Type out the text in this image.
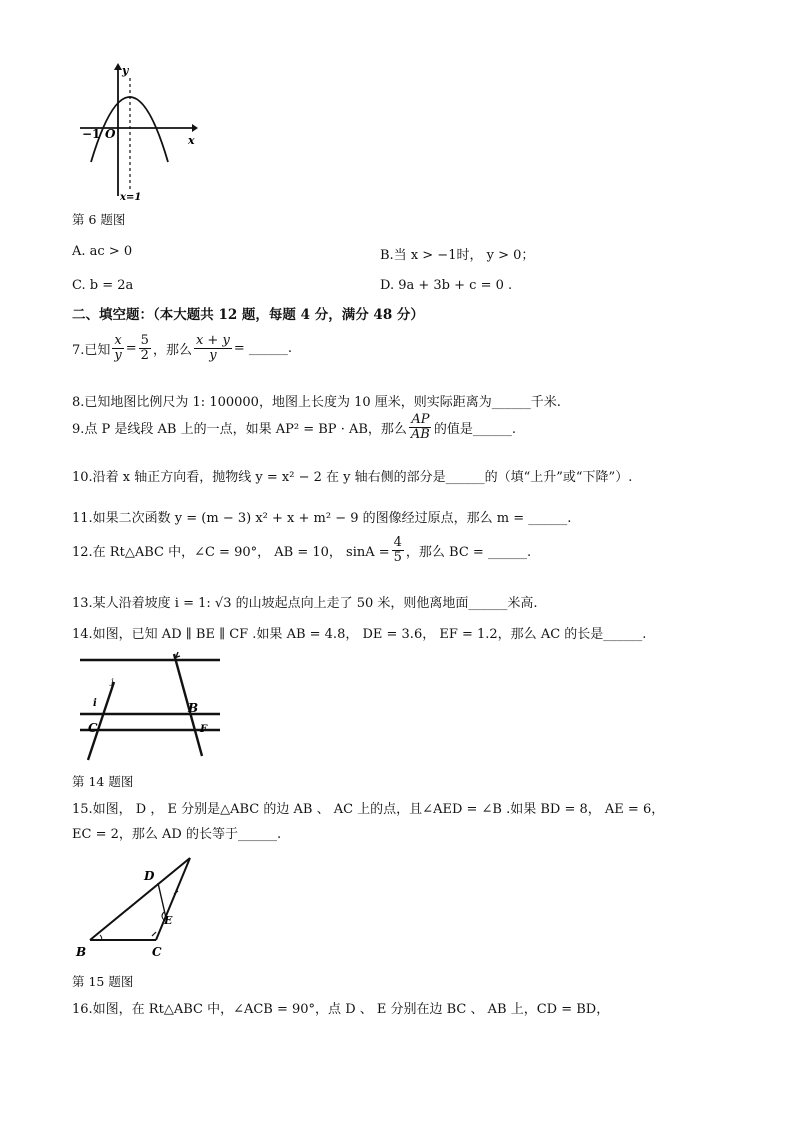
y
x
−1 O
x=1
第 6 题图
A. ac > 0	B.当 x > −1时， y > 0；
C. b = 2a	D. 9a + 3b + c = 0 .
二、填空题：（本大题共 12 题，每题 4 分，满分 48 分）
7.已知 $\frac{x}{y} = \frac{5}{2}$ ，那么 $\frac{x + y}{y}$ = ______.
8.已知地图比例尺为 1: 100000，地图上长度为 10 厘米，则实际距离为______千米.
9.点 P 是线段 AB 上的一点，如果 AP² = BP · AB，那么 $\frac{AP}{AB}$ 的值是______.
10.沿着 x 轴正方向看，抛物线 y = x² − 2 在 y 轴右侧的部分是______的（填“上升”或“下降”）.
11.如果二次函数 y = (m − 3) x² + x + m² − 9 的图像经过原点，那么 m = ______.
12.在 Rt△ABC 中，∠C = 90°， AB = 10， $\sin A = \frac{4}{5}$ ，那么 BC = ______.
13.某人沿着坡度 i = 1: √3 的山坡起点向上走了 50 米，则他离地面______米高.
14.如图，已知 AD ∥ BE ∥ CF .如果 AB = 4.8， DE = 3.6， EF = 1.2，那么 AC 的长是______.
j
i
C
B
F
第 14 题图
15.如图， D ， E 分别是△ABC 的边 AB 、 AC 上的点，且∠AED = ∠B .如果 BD = 8， AE = 6，
EC = 2，那么 AD 的长等于______.
D
E
B	C
第 15 题图
16.如图，在 Rt△ABC 中，∠ACB = 90°，点 D 、 E 分别在边 BC 、 AB 上，CD = BD，
